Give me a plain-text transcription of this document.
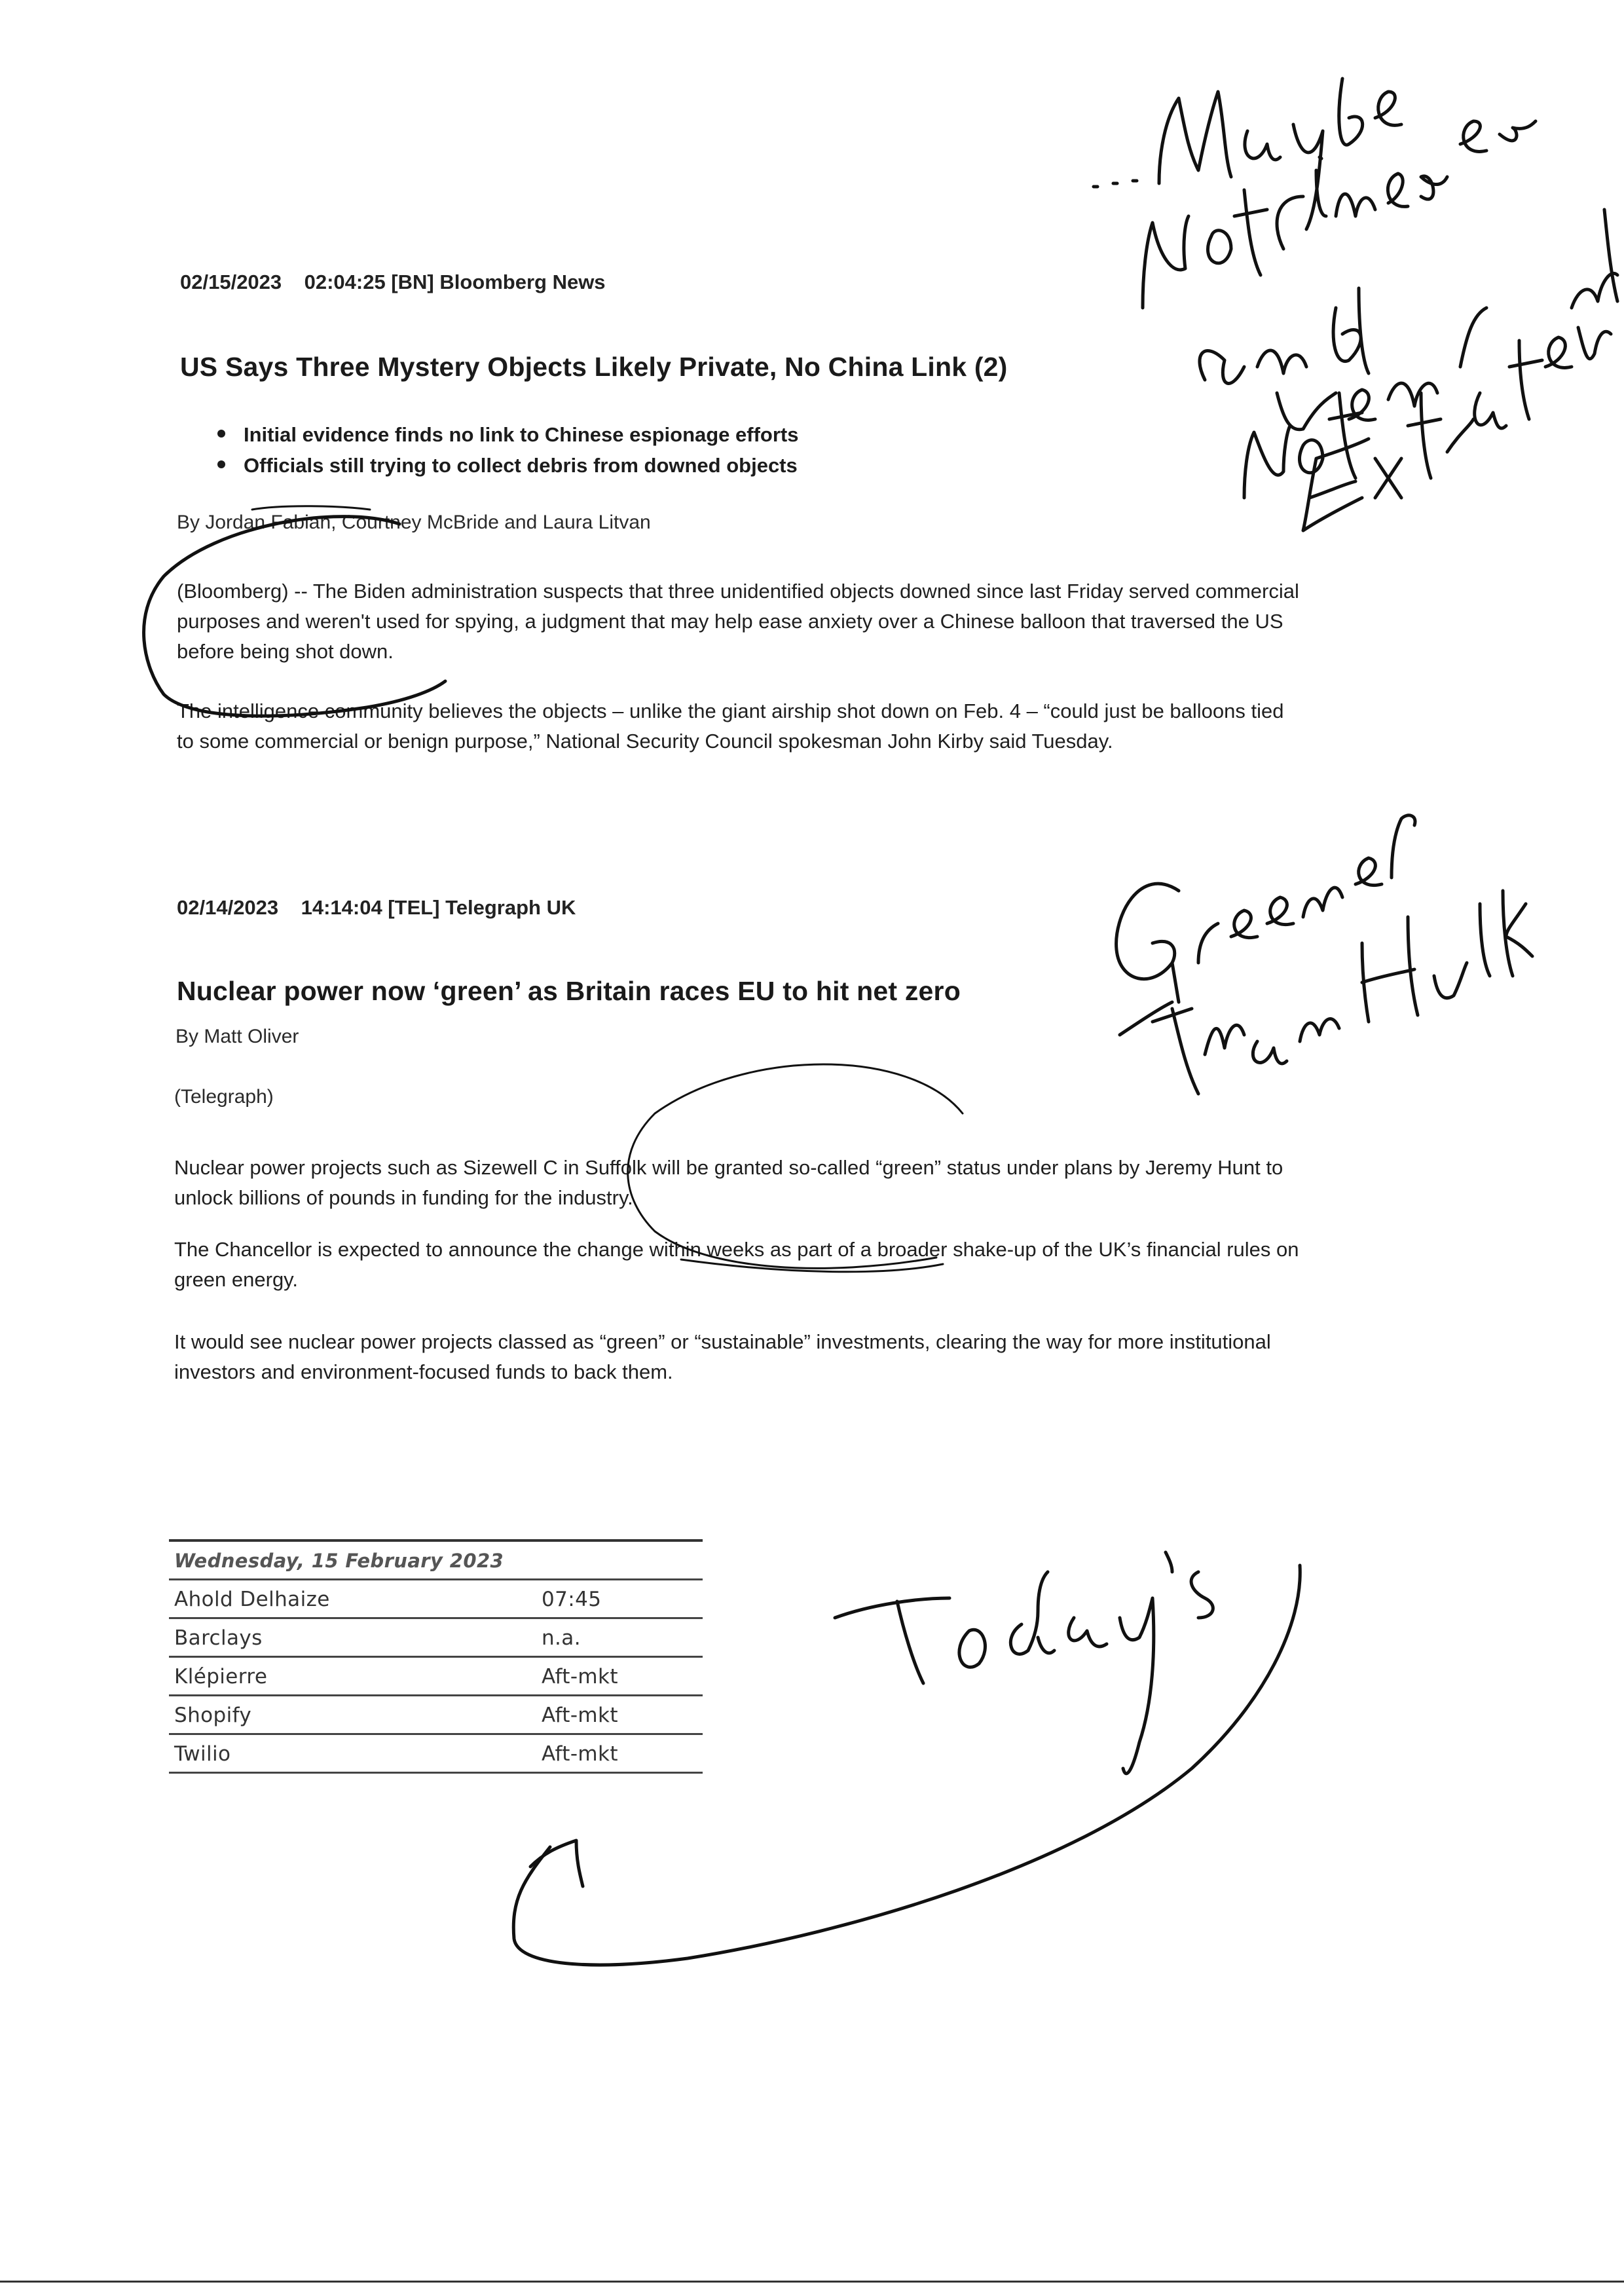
02/15/2023    02:04:25 [BN] Bloomberg News
US Says Three Mystery Objects Likely Private, No China Link (2)
Initial evidence finds no link to Chinese espionage efforts
Officials still trying to collect debris from downed objects
By Jordan Fabian, Courtney McBride and Laura Litvan

(Bloomberg) -- The Biden administration suspects that three unidentified objects downed since last Friday served commercial purposes and weren't used for spying, a judgment that may help ease anxiety over a Chinese balloon that traversed the US before being shot down.

The intelligence community believes the objects – unlike the giant airship shot down on Feb. 4 – “could just be balloons tied to some commercial or benign purpose,” National Security Council spokesman John Kirby said Tuesday.

02/14/2023    14:14:04 [TEL] Telegraph UK
Nuclear power now ‘green’ as Britain races EU to hit net zero
By Matt Oliver
(Telegraph)

Nuclear power projects such as Sizewell C in Suffolk will be granted so-called “green” status under plans by Jeremy Hunt to unlock billions of pounds in funding for the industry.

The Chancellor is expected to announce the change within weeks as part of a broader shake-up of the UK’s financial rules on green energy.

It would see nuclear power projects classed as “green” or “sustainable” investments, clearing the way for more institutional investors and environment-focused funds to back them.

Wednesday, 15 February 2023	
Ahold Delhaize	07:45
Barclays	n.a.
Klépierre	Aft-mkt
Shopify	Aft-mkt
Twilio	Aft-mkt
